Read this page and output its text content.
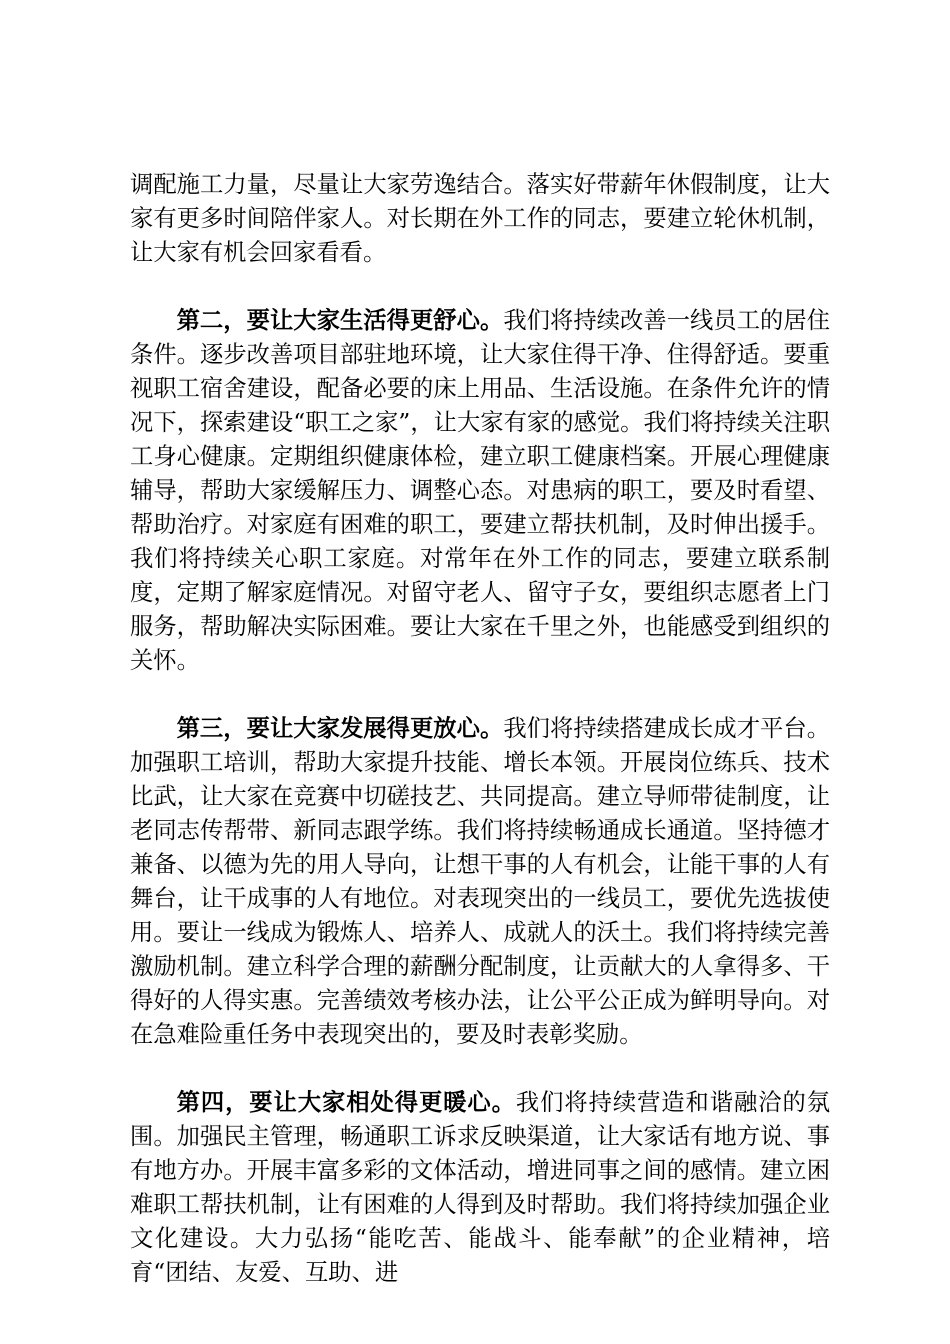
调配施工力量，尽量让大家劳逸结合。落实好带薪年休假制度，让大家有更多时间陪伴家人。对长期在外工作的同志，要建立轮休机制，让大家有机会回家看看。

第二，要让大家生活得更舒心。我们将持续改善一线员工的居住条件。逐步改善项目部驻地环境，让大家住得干净、住得舒适。要重视职工宿舍建设，配备必要的床上用品、生活设施。在条件允许的情况下，探索建设“职工之家”，让大家有家的感觉。我们将持续关注职工身心健康。定期组织健康体检，建立职工健康档案。开展心理健康辅导，帮助大家缓解压力、调整心态。对患病的职工，要及时看望、帮助治疗。对家庭有困难的职工，要建立帮扶机制，及时伸出援手。我们将持续关心职工家庭。对常年在外工作的同志，要建立联系制度，定期了解家庭情况。对留守老人、留守子女，要组织志愿者上门服务，帮助解决实际困难。要让大家在千里之外，也能感受到组织的关怀。

第三，要让大家发展得更放心。我们将持续搭建成长成才平台。加强职工培训，帮助大家提升技能、增长本领。开展岗位练兵、技术比武，让大家在竞赛中切磋技艺、共同提高。建立导师带徒制度，让老同志传帮带、新同志跟学练。我们将持续畅通成长通道。坚持德才兼备、以德为先的用人导向，让想干事的人有机会，让能干事的人有舞台，让干成事的人有地位。对表现突出的一线员工，要优先选拔使用。要让一线成为锻炼人、培养人、成就人的沃土。我们将持续完善激励机制。建立科学合理的薪酬分配制度，让贡献大的人拿得多、干得好的人得实惠。完善绩效考核办法，让公平公正成为鲜明导向。对在急难险重任务中表现突出的，要及时表彰奖励。

第四，要让大家相处得更暖心。我们将持续营造和谐融洽的氛围。加强民主管理，畅通职工诉求反映渠道，让大家话有地方说、事有地方办。开展丰富多彩的文体活动，增进同事之间的感情。建立困难职工帮扶机制，让有困难的人得到及时帮助。我们将持续加强企业文化建设。大力弘扬“能吃苦、能战斗、能奉献”的企业精神，培育“团结、友爱、互助、进
